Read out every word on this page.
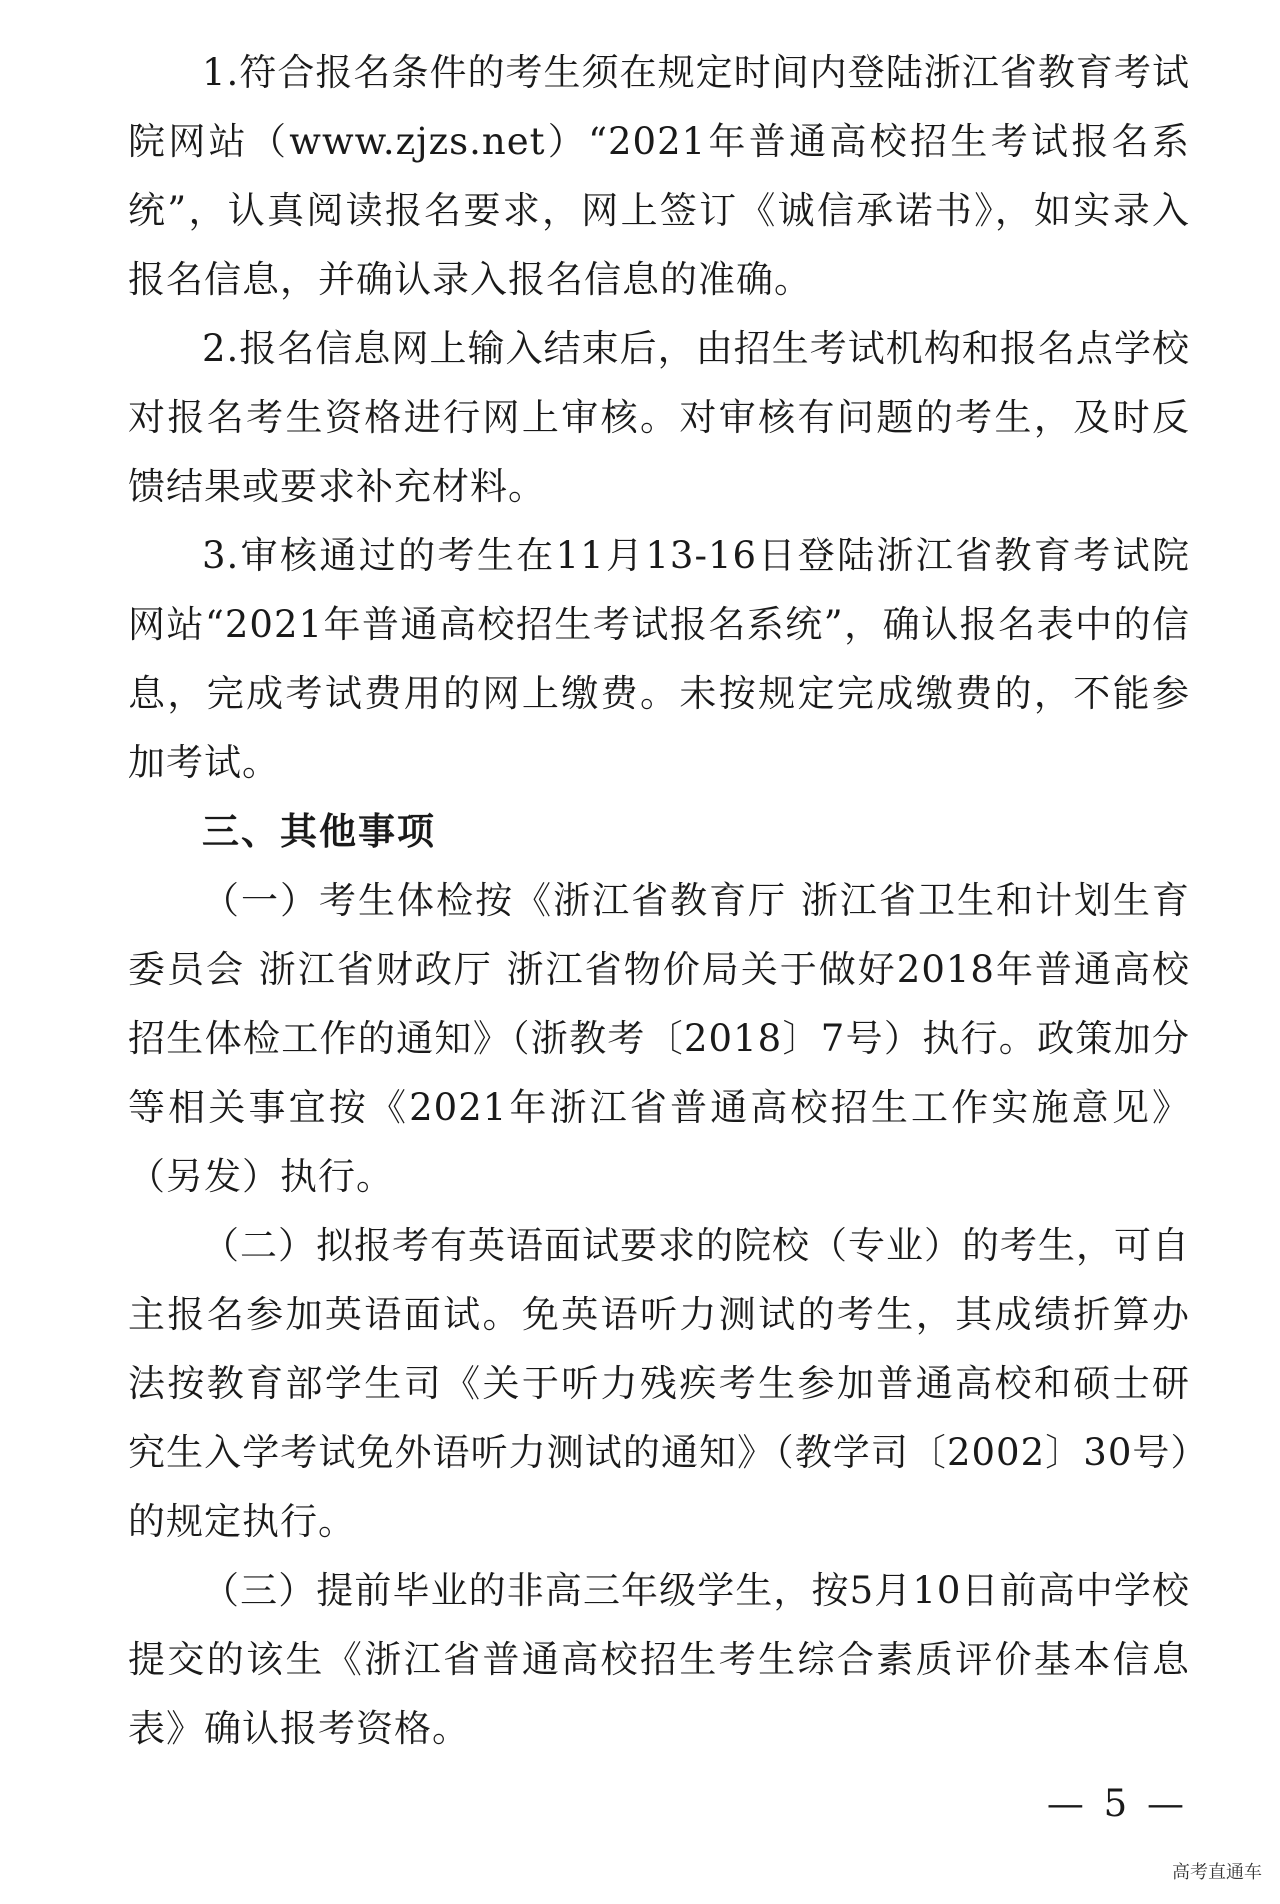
1.符合报名条件的考生须在规定时间内登陆浙江省教育考试院网站（www.zjzs.net）“2021年普通高校招生考试报名系统”，认真阅读报名要求，网上签订《诚信承诺书》，如实录入报名信息，并确认录入报名信息的准确。

2.报名信息网上输入结束后，由招生考试机构和报名点学校对报名考生资格进行网上审核。对审核有问题的考生，及时反馈结果或要求补充材料。

3.审核通过的考生在11月13-16日登陆浙江省教育考试院网站“2021年普通高校招生考试报名系统”，确认报名表中的信息，完成考试费用的网上缴费。未按规定完成缴费的，不能参加考试。

三、其他事项

（一）考生体检按《浙江省教育厅 浙江省卫生和计划生育委员会 浙江省财政厅 浙江省物价局关于做好2018年普通高校招生体检工作的通知》（浙教考〔2018〕7号）执行。政策加分等相关事宜按《2021年浙江省普通高校招生工作实施意见》（另发）执行。

（二）拟报考有英语面试要求的院校（专业）的考生，可自主报名参加英语面试。免英语听力测试的考生，其成绩折算办法按教育部学生司《关于听力残疾考生参加普通高校和硕士研究生入学考试免外语听力测试的通知》（教学司〔2002〕30号）的规定执行。

（三）提前毕业的非高三年级学生，按5月10日前高中学校提交的该生《浙江省普通高校招生考生综合素质评价基本信息表》确认报考资格。

— 5 —
高考直通车
